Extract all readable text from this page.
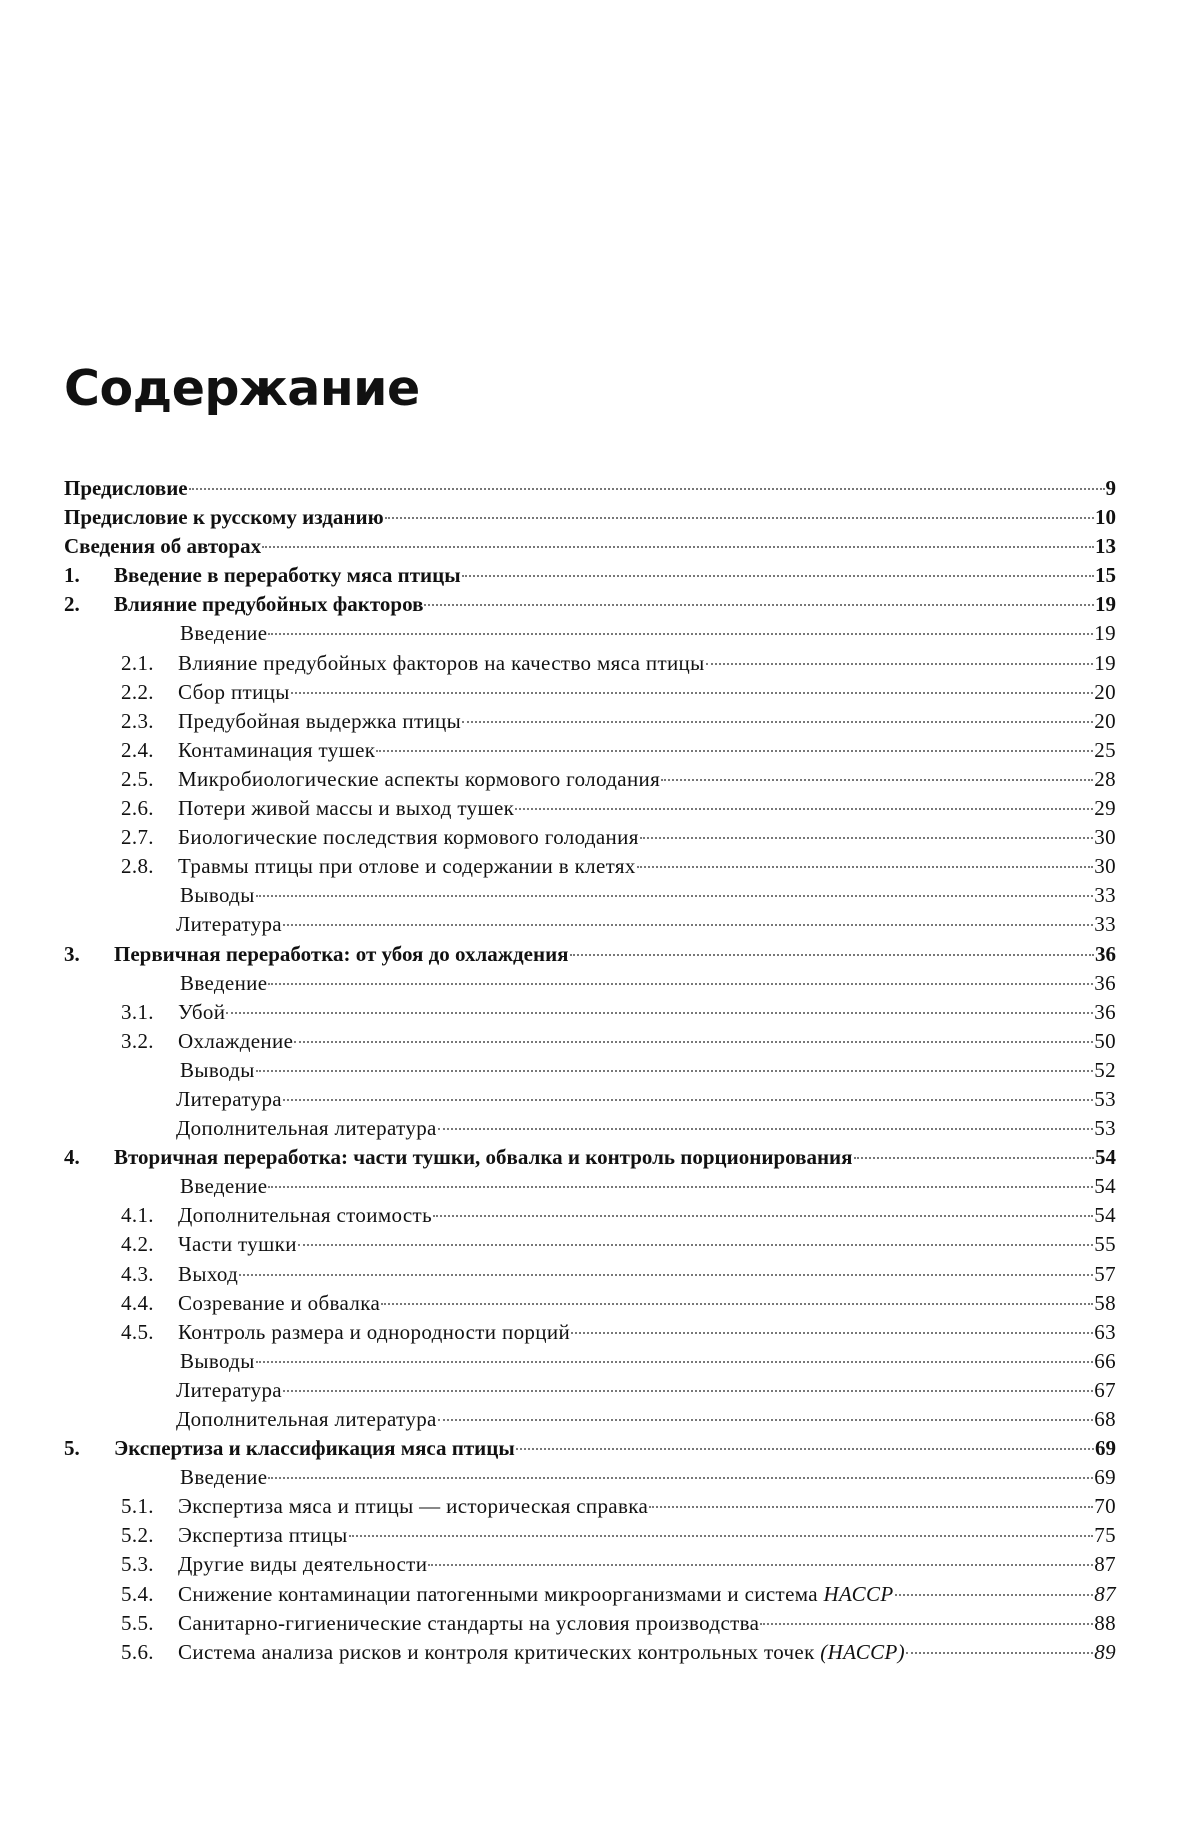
Содержание
Предисловие	9
Предисловие к русскому изданию	10
Сведения об авторах	13
1.	Введение в переработку мяса птицы	15
2.	Влияние предубойных факторов	19
Введение	19
2.1.	Влияние предубойных факторов на качество мяса птицы	19
2.2.	Сбор птицы	20
2.3.	Предубойная выдержка птицы	20
2.4.	Контаминация тушек	25
2.5.	Микробиологические аспекты кормового голодания	28
2.6.	Потери живой массы и выход тушек	29
2.7.	Биологические последствия кормового голодания	30
2.8.	Травмы птицы при отлове и содержании в клетях	30
Выводы	33
Литература	33
3.	Первичная переработка: от убоя до охлаждения	36
Введение	36
3.1.	Убой	36
3.2.	Охлаждение	50
Выводы	52
Литература	53
Дополнительная литература	53
4.	Вторичная переработка: части тушки, обвалка и контроль порционирования	54
Введение	54
4.1.	Дополнительная стоимость	54
4.2.	Части тушки	55
4.3.	Выход	57
4.4.	Созревание и обвалка	58
4.5.	Контроль размера и однородности порций	63
Выводы	66
Литература	67
Дополнительная литература	68
5.	Экспертиза и классификация мяса птицы	69
Введение	69
5.1.	Экспертиза мяса и птицы — историческая справка	70
5.2.	Экспертиза птицы	75
5.3.	Другие виды деятельности	87
5.4.	Снижение контаминации патогенными микроорганизмами и система НАССР	87
5.5.	Санитарно-гигиенические стандарты на условия производства	88
5.6.	Система анализа рисков и контроля критических контрольных точек (НАССР)	89
